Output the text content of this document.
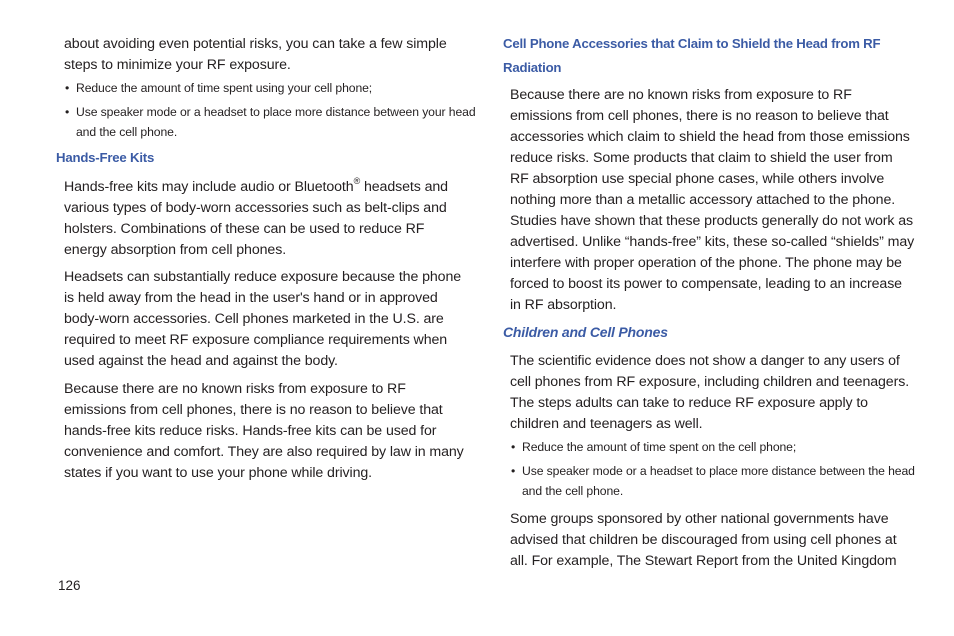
about avoiding even potential risks, you can take a few simple steps to minimize your RF exposure.

• Reduce the amount of time spent using your cell phone;

• Use speaker mode or a headset to place more distance between your head and the cell phone.

Hands-Free Kits

Hands-free kits may include audio or Bluetooth® headsets and various types of body-worn accessories such as belt-clips and holsters. Combinations of these can be used to reduce RF energy absorption from cell phones.

Headsets can substantially reduce exposure because the phone is held away from the head in the user's hand or in approved body-worn accessories. Cell phones marketed in the U.S. are required to meet RF exposure compliance requirements when used against the head and against the body.

Because there are no known risks from exposure to RF emissions from cell phones, there is no reason to believe that hands-free kits reduce risks. Hands-free kits can be used for convenience and comfort. They are also required by law in many states if you want to use your phone while driving.

Cell Phone Accessories that Claim to Shield the Head from RF Radiation

Because there are no known risks from exposure to RF emissions from cell phones, there is no reason to believe that accessories which claim to shield the head from those emissions reduce risks. Some products that claim to shield the user from RF absorption use special phone cases, while others involve nothing more than a metallic accessory attached to the phone. Studies have shown that these products generally do not work as advertised. Unlike “hands-free” kits, these so-called “shields” may interfere with proper operation of the phone. The phone may be forced to boost its power to compensate, leading to an increase in RF absorption.

Children and Cell Phones

The scientific evidence does not show a danger to any users of cell phones from RF exposure, including children and teenagers. The steps adults can take to reduce RF exposure apply to children and teenagers as well.

• Reduce the amount of time spent on the cell phone;

• Use speaker mode or a headset to place more distance between the head and the cell phone.

Some groups sponsored by other national governments have advised that children be discouraged from using cell phones at all. For example, The Stewart Report from the United Kingdom

126
